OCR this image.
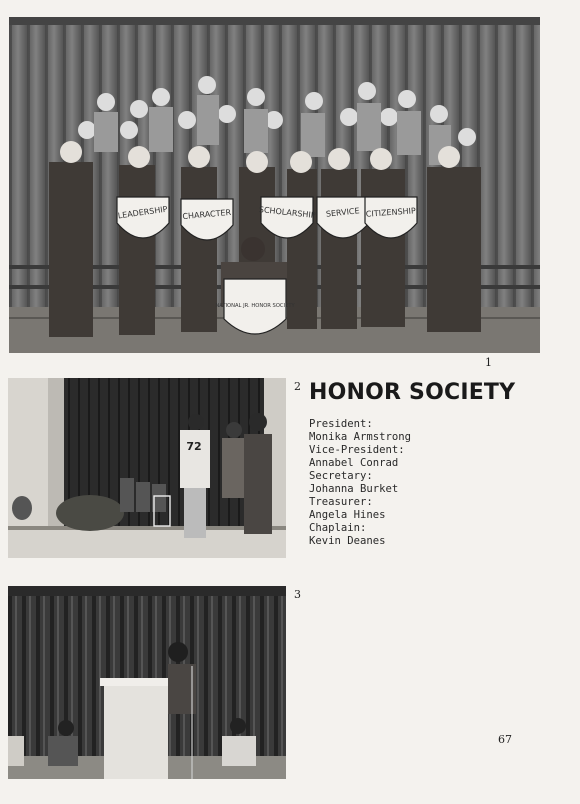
LEADERSHIP CHARACTER	SCHOLARSHIP SERVICE CITIZENSHIP
NATIONAL JR. HONOR SOCIETY
1
72
2
3
HONOR SOCIETY
President:
Monika Armstrong
Vice-President:
Annabel Conrad
Secretary:
Johanna Burket
Treasurer:
Angela Hines
Chaplain:
Kevin Deanes
67
